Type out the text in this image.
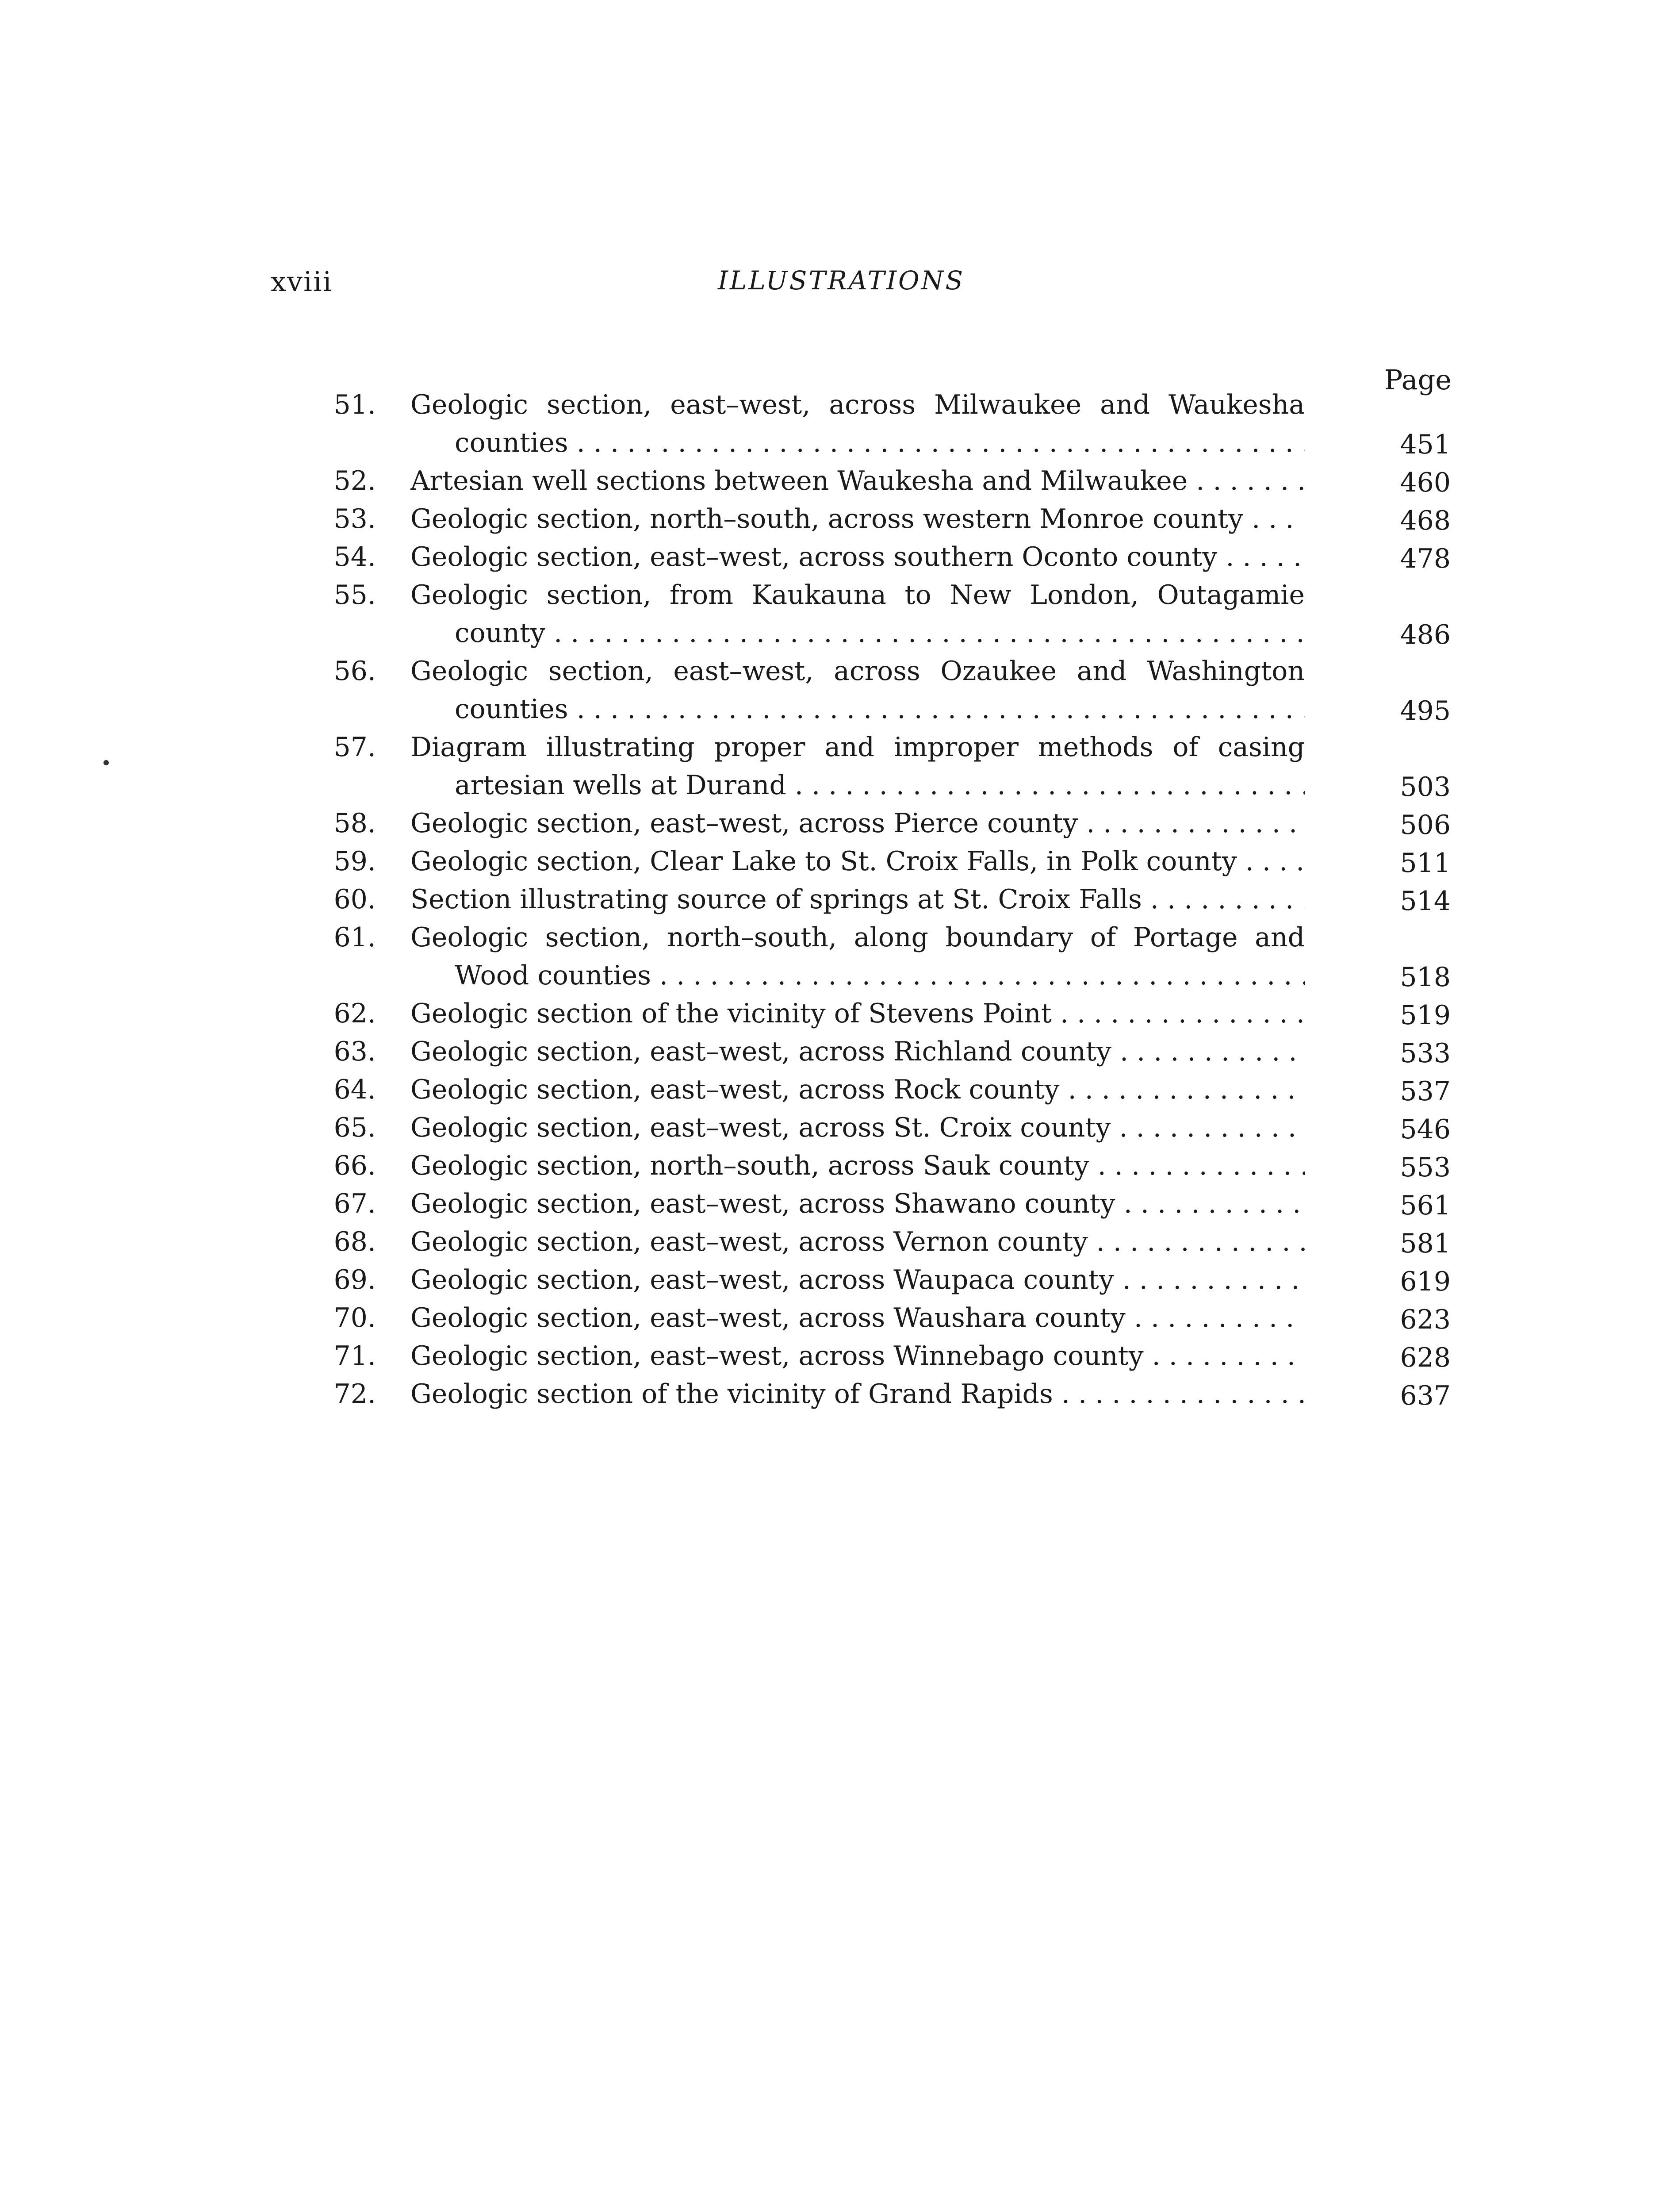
xviii	ILLUSTRATIONS
Page
51. Geologic section, east–west, across Milwaukee and Waukesha
counties . . .	451
52. Artesian well sections between Waukesha and Milwaukee . . .	460
53. Geologic section, north–south, across western Monroe county . . .	468
54. Geologic section, east–west, across southern Oconto county . . .	478
55. Geologic section, from Kaukauna to New London, Outagamie
county . . .	486
56. Geologic section, east–west, across Ozaukee and Washington
counties . . .	495
57. Diagram illustrating proper and improper methods of casing
artesian wells at Durand . . .	503
58. Geologic section, east–west, across Pierce county . . .	506
59. Geologic section, Clear Lake to St. Croix Falls, in Polk county . . .	511
60. Section illustrating source of springs at St. Croix Falls . . .	514
61. Geologic section, north–south, along boundary of Portage and
Wood counties . . .	518
62. Geologic section of the vicinity of Stevens Point . . .	519
63. Geologic section, east–west, across Richland county . . .	533
64. Geologic section, east–west, across Rock county . . .	537
65. Geologic section, east–west, across St. Croix county . . .	546
66. Geologic section, north–south, across Sauk county . . .	553
67. Geologic section, east–west, across Shawano county . . .	561
68. Geologic section, east–west, across Vernon county . . .	581
69. Geologic section, east–west, across Waupaca county . . .	619
70. Geologic section, east–west, across Waushara county . . .	623
71. Geologic section, east–west, across Winnebago county . . .	628
72. Geologic section of the vicinity of Grand Rapids . . .	637
